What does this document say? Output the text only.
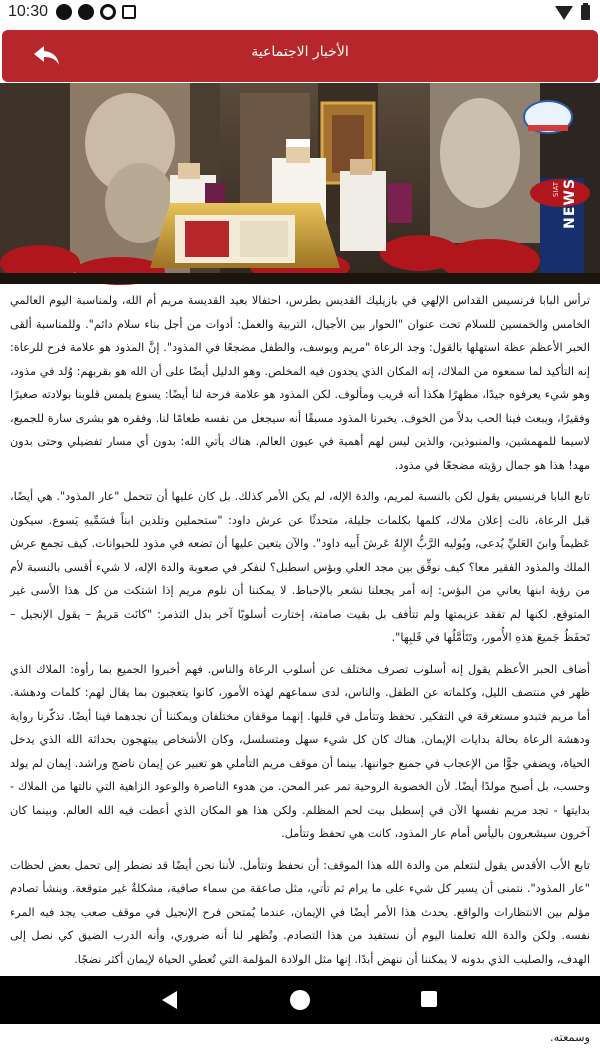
10:30
الأخبار الاجتماعية
NEWS
SIAT

ترأس البابا فرنسيس القداس الإلهي في بازيليك القديس بطرس، احتفالا بعيد القديسة مريم أم الله، ولمناسبة اليوم العالمي الخامس والخمسين للسلام تحت عنوان "الحوار بين الأجيال، التربية والعمل: أدوات من أجل بناء سلام دائم". وللمناسبة ألقى الحبر الأعظم عظة استهلها بالقول: وجد الرعاة "مريم ويوسف، والطفل مضجعًا في المذود". إنَّ المذود هو علامة فرح للرعاة: إنه التأكيد لما سمعوه من الملاك، إنه المكان الذي يجدون فيه المخلص. وهو الدليل أيضًا على أن الله هو بقربهم: وُلد في مذود، وهو شيء يعرفوه جيدًا، مظهرًا هكذا أنه قريب ومألوف. لكن المذود هو علامة فرحة لنا أيضًا: يسوع يلمس قلوبنا بولادته صغيرًا وفقيرًا، ويبعث فينا الحب بدلاً من الخوف. يخبرنا المذود مسبقًا أنه سيجعل من نفسه طعامًا لنا. وفقره هو بشرى سارة للجميع، لاسيما للمهمشين، والمنبوذين، والذين ليس لهم أهمية في عيون العالم. هناك يأتي الله: بدون أي مسار تفضيلي وحتى بدون مهد! هذا هو جمال رؤيته مضجعًا في مذود.

تابع البابا فرنسيس يقول لكن بالنسبة لمريم، والدة الإله، لم يكن الأمر كذلك. بل كان عليها أن تتحمل "عار المذود". هي أيضًا، قبل الرعاة، نالت إعلان ملاك، كلمها بكلمات جليلة، متحدثًا عن عرش داود: "ستحملين وتلدين ابناً فسَمِّيهِ يَسوع. سيكون عَظيماً وابنَ العَليِّ يُدعى، ويُوليه الرَّبُّ الإِلهُ عَرشَ أَبيه داود". والآن يتعين عليها أن تضعه في مذود للحيوانات. كيف تجمع عرش الملك والمذود الفقير معا؟ كيف نوفِّق بين مجد العلي وبؤس اسطبل؟ لنفكر في صعوبة والدة الإله، لا شيء أقسى بالنسبة لأم من رؤية ابنها يعاني من البؤس: إنه أمر يجعلنا نشعر بالإحباط. لا يمكننا أن نلوم مريم إذا اشتكت من كل هذا الأسى غير المتوقع. لكنها لم تفقد عزيمتها ولم تتأفف بل بقيت صامتة، إختارت أسلوبًا آخر بدل التذمر: "كانَت مَريمُ – يقول الإنجيل – تَحفَظُ جَميعَ هذهِ الأُمور، وتَتَأمَّلُها في قَلبِها".

أضاف الحبر الأعظم يقول إنه أسلوب تصرف مختلف عن أسلوب الرعاة والناس. فهم أخبروا الجميع بما رأوه: الملاك الذي ظهر في منتصف الليل، وكلماته عن الطفل. والناس، لدى سماعهم لهذه الأمور، كانوا يتعجبون بما يقال لهم: كلمات ودهشة. أما مريم فتبدو مستغرقة في التفكير. تحفظ وتتأمل في قلبها. إنهما موقفان مختلفان ويمكننا أن نجدهما فينا أيضًا. تذكّرنا رواية ودهشة الرعاة بحالة بدايات الإيمان. هناك كان كل شيء سهل ومتسلسل، وكان الأشخاص يبتهجون بحداثة الله الذي يدخل الحياة، ويضفي جوًّا من الإعجاب في جميع جوانبها. بينما أن موقف مريم التأملي هو تعبير عن إيمان ناضج وراشد. إيمان لم يولد وحسب، بل أصبح مولدًا أيضًا. لأن الخصوبة الروحية تمر عبر المحن. من هدوء الناصرة والوعود الزاهية التي نالتها من الملاك - بدايتها - تجد مريم نفسها الآن في إسطبل بيت لحم المظلم. ولكن هذا هو المكان الذي أعطت فيه الله العالم. وبينما كان آخرون سيشعرون باليأس أمام عار المذود، كانت هي تحفظ وتتأمل.

تابع الأب الأقدس يقول لنتعلم من والدة الله هذا الموقف: أن نحفظ ونتأمل. لأننا نحن أيضًا قد نضطر إلى تحمل بعض لحظات "عار المذود". نتمنى أن يسير كل شيء على ما يرام ثم تأتي، مثل صاعقة من سماء صافية، مشكلةٌ غير متوقعة. وينشأ تصادم مؤلم بين الانتظارات والواقع. يحدث هذا الأمر أيضًا في الإيمان، عندما يُمتحن فرح الإنجيل في موقف صعب يجد فيه المرء نفسه. ولكن والدة الله تعلمنا اليوم أن نستفيد من هذا التصادم. وتُظهر لنا أنه ضروري، وأنه الدرب الضيق كي نصل إلى الهدف، والصليب الذي بدونه لا يمكننا أن ننهض أبدًا. إنها مثل الولادة المؤلمة التي تُعطي الحياة لإيمان أكثر نضجًا.

وسمعته.
